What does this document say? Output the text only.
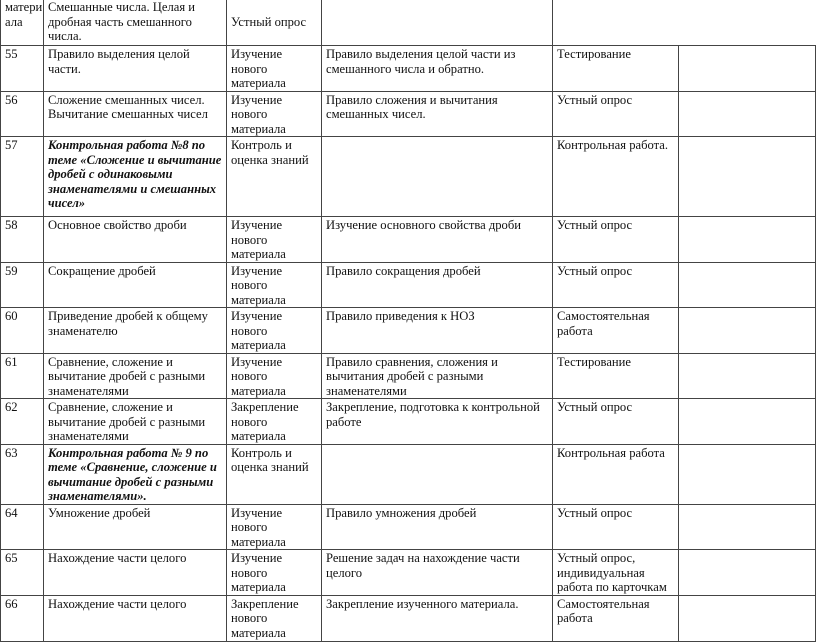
матери ала	Смешанные числа. Целая и дробная часть смешанного числа.	Устный опрос			
55	Правило выделения целой части.	Изучение нового материала	Правило выделения целой части из смешанного числа и обратно.	Тестирование	
56	Сложение смешанных чисел. Вычитание смешанных чисел	Изучение нового материала	Правило сложения и вычитания смешанных чисел.	Устный опрос	
57	Контрольная работа №8 по теме «Сложение и вычитание дробей с одинаковыми знаменателями и смешанных чисел»	Контроль и оценка знаний		Контрольная работа.	
58	Основное свойство дроби	Изучение нового материала	Изучение основного свойства дроби	Устный опрос	
59	Сокращение дробей	Изучение нового материала	Правило сокращения дробей	Устный опрос	
60	Приведение дробей к общему знаменателю	Изучение нового материала	Правило приведения к НОЗ	Самостоятельная работа	
61	Сравнение, сложение и вычитание дробей с разными знаменателями	Изучение нового материала	Правило сравнения, сложения и вычитания дробей с разными знаменателями	Тестирование	
62	Сравнение, сложение и вычитание дробей с разными знаменателями	Закрепление нового материала	Закрепление, подготовка к контрольной работе	Устный опрос	
63	Контрольная работа № 9 по теме «Сравнение, сложение и вычитание дробей с разными знаменателями».	Контроль и оценка знаний		Контрольная работа	
64	Умножение дробей	Изучение нового материала	Правило умножения дробей	Устный опрос	
65	Нахождение части целого	Изучение нового материала	Решение задач на нахождение части целого	Устный опрос, индивидуальная работа по карточкам	
66	Нахождение части целого	Закрепление нового материала	Закрепление изученного материала.	Самостоятельная работа	
